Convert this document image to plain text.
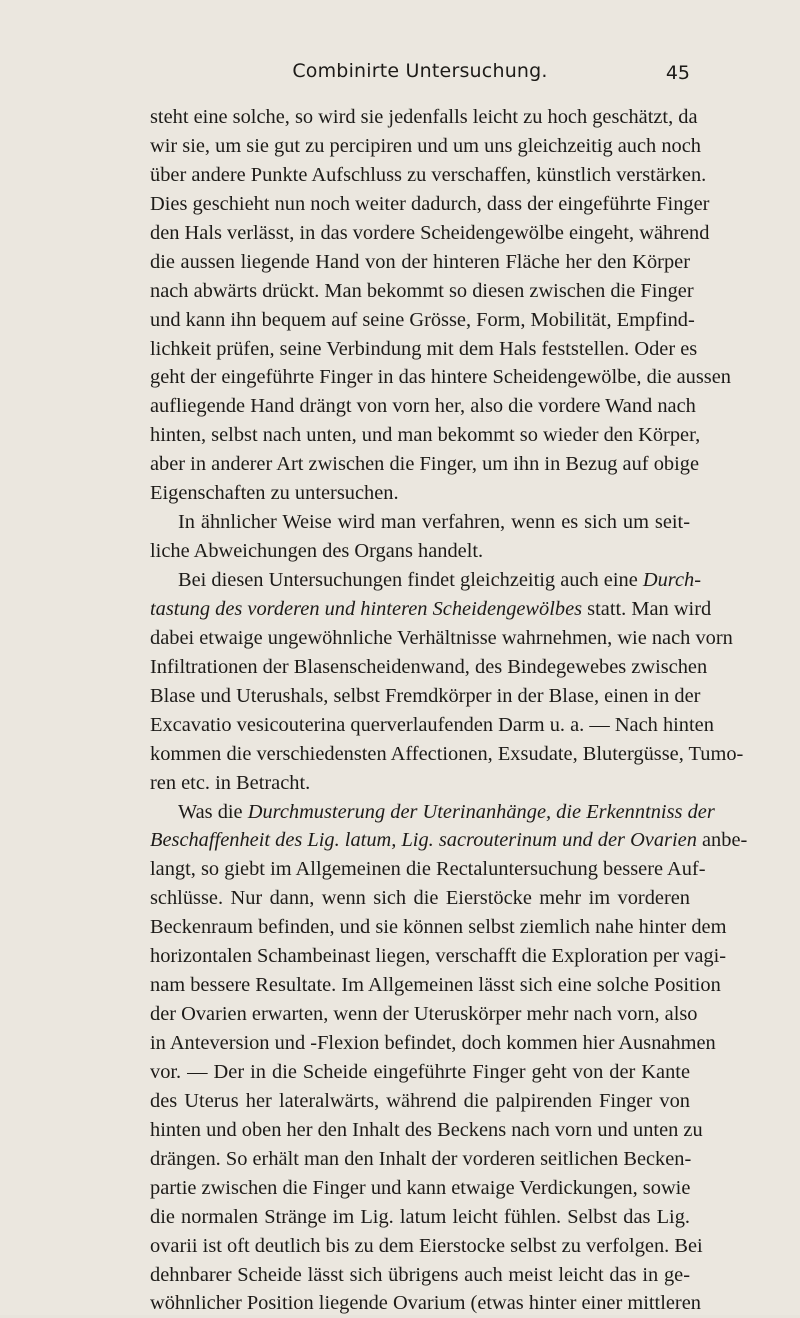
Combinirte Untersuchung.	45
steht eine solche, so wird sie jedenfalls leicht zu hoch geschätzt, da
wir sie, um sie gut zu percipiren und um uns gleichzeitig auch noch
über andere Punkte Aufschluss zu verschaffen, künstlich verstärken.
Dies geschieht nun noch weiter dadurch, dass der eingeführte Finger
den Hals verlässt, in das vordere Scheidengewölbe eingeht, während
die aussen liegende Hand von der hinteren Fläche her den Körper
nach abwärts drückt. Man bekommt so diesen zwischen die Finger
und kann ihn bequem auf seine Grösse, Form, Mobilität, Empfind-
lichkeit prüfen, seine Verbindung mit dem Hals feststellen. Oder es
geht der eingeführte Finger in das hintere Scheidengewölbe, die aussen
aufliegende Hand drängt von vorn her, also die vordere Wand nach
hinten, selbst nach unten, und man bekommt so wieder den Körper,
aber in anderer Art zwischen die Finger, um ihn in Bezug auf obige
Eigenschaften zu untersuchen.
In ähnlicher Weise wird man verfahren, wenn es sich um seit-
liche Abweichungen des Organs handelt.
Bei diesen Untersuchungen findet gleichzeitig auch eine Durch-
tastung des vorderen und hinteren Scheidengewölbes statt. Man wird
dabei etwaige ungewöhnliche Verhältnisse wahrnehmen, wie nach vorn
Infiltrationen der Blasenscheidenwand, des Bindegewebes zwischen
Blase und Uterushals, selbst Fremdkörper in der Blase, einen in der
Excavatio vesicouterina querverlaufenden Darm u. a. — Nach hinten
kommen die verschiedensten Affectionen, Exsudate, Blutergüsse, Tumo-
ren etc. in Betracht.
Was die Durchmusterung der Uterinanhänge, die Erkenntniss der
Beschaffenheit des Lig. latum, Lig. sacrouterinum und der Ovarien anbe-
langt, so giebt im Allgemeinen die Rectaluntersuchung bessere Auf-
schlüsse. Nur dann, wenn sich die Eierstöcke mehr im vorderen
Beckenraum befinden, und sie können selbst ziemlich nahe hinter dem
horizontalen Schambeinast liegen, verschafft die Exploration per vagi-
nam bessere Resultate. Im Allgemeinen lässt sich eine solche Position
der Ovarien erwarten, wenn der Uteruskörper mehr nach vorn, also
in Anteversion und -Flexion befindet, doch kommen hier Ausnahmen
vor. — Der in die Scheide eingeführte Finger geht von der Kante
des Uterus her lateralwärts, während die palpirenden Finger von
hinten und oben her den Inhalt des Beckens nach vorn und unten zu
drängen. So erhält man den Inhalt der vorderen seitlichen Becken-
partie zwischen die Finger und kann etwaige Verdickungen, sowie
die normalen Stränge im Lig. latum leicht fühlen. Selbst das Lig.
ovarii ist oft deutlich bis zu dem Eierstocke selbst zu verfolgen. Bei
dehnbarer Scheide lässt sich übrigens auch meist leicht das in ge-
wöhnlicher Position liegende Ovarium (etwas hinter einer mittleren
